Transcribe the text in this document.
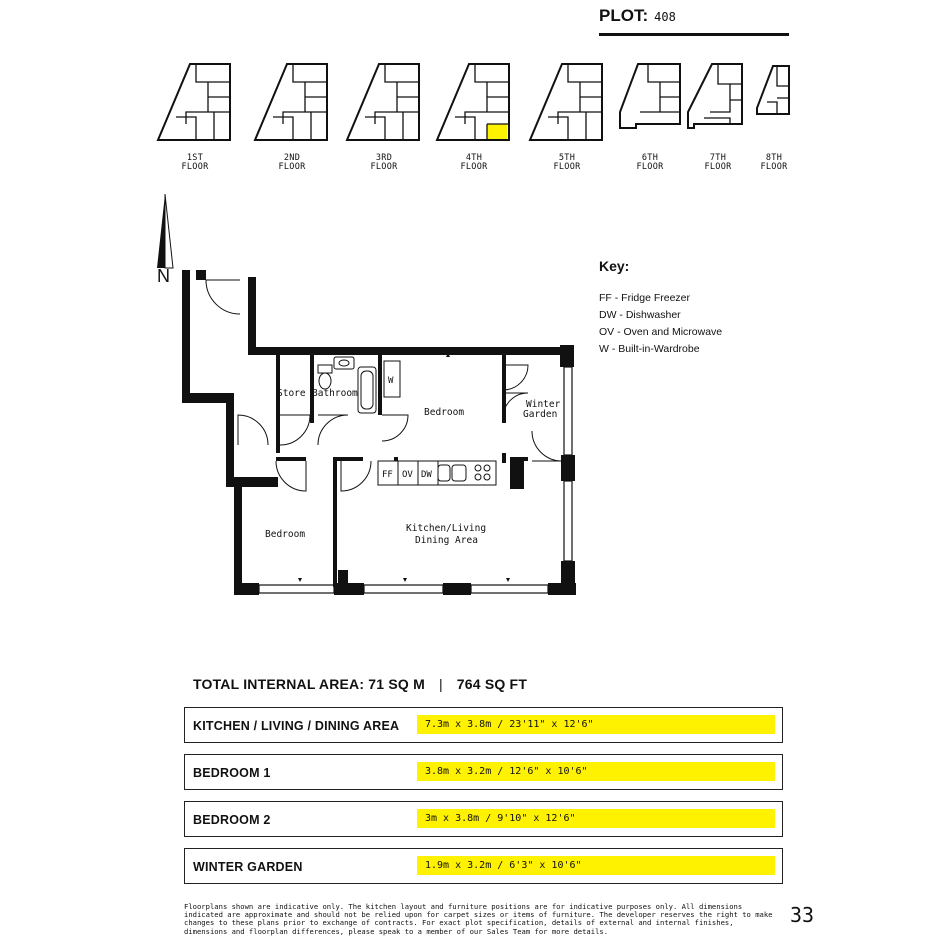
PLOT: 408
1ST
FLOOR
2ND
FLOOR
3RD
FLOOR
4TH
FLOOR
5TH
FLOOR
6TH
FLOOR
7TH
FLOOR
8TH
FLOOR
N
Store Bathroom
Bedroom
Winter
Garden
Bedroom
Kitchen/Living
Dining Area
FF OV DW
W
Key:
FF - Fridge Freezer
DW - Dishwasher
OV - Oven and Microwave
W - Built-in-Wardrobe
TOTAL INTERNAL AREA: 71 SQ M | 764 SQ FT
KITCHEN / LIVING / DINING AREA	7.3m x 3.8m / 23'11" x 12'6"
BEDROOM 1	3.8m x 3.2m / 12'6" x 10'6"
BEDROOM 2	3m x 3.8m / 9'10" x 12'6"
WINTER GARDEN	1.9m x 3.2m / 6'3" x 10'6"
Floorplans shown are indicative only. The kitchen layout and furniture positions are for indicative purposes only. All dimensions indicated are approximate and should not be relied upon for carpet sizes or items of furniture. The developer reserves the right to make changes to these plans prior to exchange of contracts. For exact plot specification, details of external and internal finishes, dimensions and floorplan differences, please speak to a member of our Sales Team for more details.
33
